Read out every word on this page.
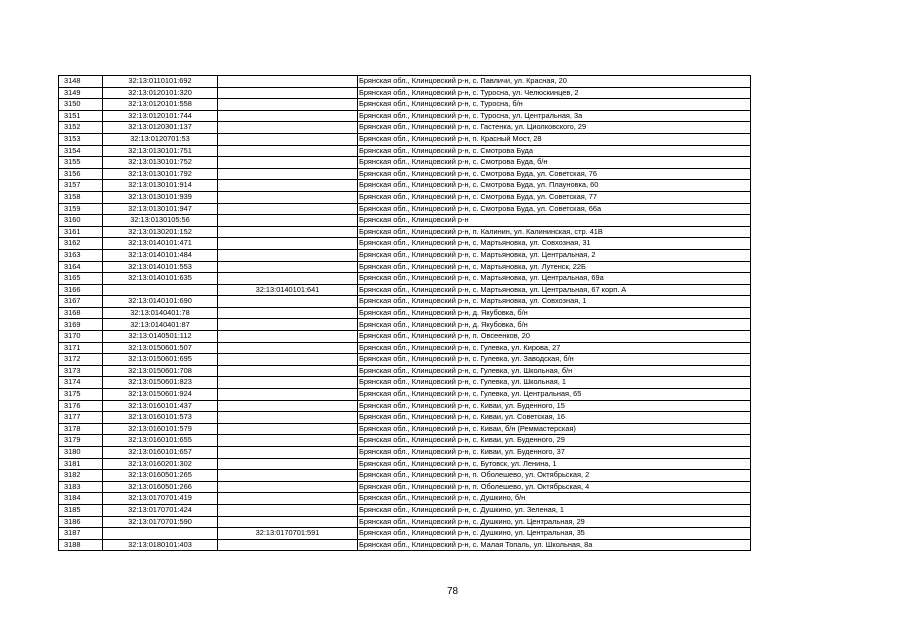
3148	32:13:0110101:692		Брянская обл., Клинцовский р-н, с. Павличи, ул. Красная, 20
3149	32:13:0120101:320		Брянская обл., Клинцовский р-н, с. Туросна, ул. Челюскинцев, 2
3150	32:13:0120101:558		Брянская обл., Клинцовский р-н, с. Туросна, б/н
3151	32:13:0120101:744		Брянская обл., Клинцовский р-н, с. Туросна, ул. Центральная, 3а
3152	32:13:0120301:137		Брянская обл., Клинцовский р-н, с. Гастенка, ул. Циолковского, 29
3153	32:13:0120701:53		Брянская обл., Клинцовский р-н, п. Красный Мост, 28
3154	32:13:0130101:751		Брянская обл., Клинцовский р-н, с. Смотрова Буда
3155	32:13:0130101:752		Брянская обл., Клинцовский р-н, с. Смотрова Буда, б/н
3156	32:13:0130101:792		Брянская обл., Клинцовский р-н, с. Смотрова Буда, ул. Советская, 76
3157	32:13:0130101:914		Брянская обл., Клинцовский р-н, с. Смотрова Буда, ул. Плауновка, 60
3158	32:13:0130101:939		Брянская обл., Клинцовский р-н, с. Смотрова Буда, ул. Советская, 77
3159	32:13:0130101:947		Брянская обл., Клинцовский р-н, с. Смотрова Буда, ул. Советская, 66а
3160	32:13:0130105:56		Брянская обл., Клинцовский р-н
3161	32:13:0130201:152		Брянская обл., Клинцовский р-н, п. Калинин, ул. Калининская, стр. 41В
3162	32:13:0140101:471		Брянская обл., Клинцовский р-н, с. Мартьяновка, ул. Совхозная, 31
3163	32:13:0140101:484		Брянская обл., Клинцовский р-н, с. Мартьяновка, ул. Центральная, 2
3164	32:13:0140101:553		Брянская обл., Клинцовский р-н, с. Мартьяновка, ул. Лутенск, 22Б
3165	32:13:0140101:635		Брянская обл., Клинцовский р-н, с. Мартьяновка, ул. Центральная, 69а
3166		32:13:0140101:641	Брянская обл., Клинцовский р-н, с. Мартьяновка, ул. Центральная, 67 корп. А
3167	32:13:0140101:690		Брянская обл., Клинцовский р-н, с. Мартьяновка, ул. Совхозная, 1
3168	32:13:0140401:78		Брянская обл., Клинцовский р-н, д. Якубовка, б/н
3169	32:13:0140401:87		Брянская обл., Клинцовский р-н, д. Якубовка, б/н
3170	32:13:0140501:112		Брянская обл., Клинцовский р-н, п. Овсеенков, 20
3171	32:13:0150601:507		Брянская обл., Клинцовский р-н, с. Гулевка, ул. Кирова, 27
3172	32:13:0150601:695		Брянская обл., Клинцовский р-н, с. Гулевка, ул. Заводская, б/н
3173	32:13:0150601:708		Брянская обл., Клинцовский р-н, с. Гулевка, ул. Школьная, б/н
3174	32:13:0150601:823		Брянская обл., Клинцовский р-н, с. Гулевка, ул. Школьная, 1
3175	32:13:0150601:924		Брянская обл., Клинцовский р-н, с. Гулевка, ул. Центральная, 65
3176	32:13:0160101:437		Брянская обл., Клинцовский р-н, с. Киваи, ул. Буденного, 15
3177	32:13:0160101:573		Брянская обл., Клинцовский р-н, с. Киваи, ул. Советская, 16
3178	32:13:0160101:579		Брянская обл., Клинцовский р-н, с. Киваи, б/н (Реммастерская)
3179	32:13:0160101:655		Брянская обл., Клинцовский р-н, с. Киваи, ул. Буденного, 29
3180	32:13:0160101:657		Брянская обл., Клинцовский р-н, с. Киваи, ул. Буденного, 37
3181	32:13:0160201:302		Брянская обл., Клинцовский р-н, с. Бутовск, ул. Ленина, 1
3182	32:13:0160501:265		Брянская обл., Клинцовский р-н, п. Оболешево, ул. Октябрьская, 2
3183	32:13:0160501:266		Брянская обл., Клинцовский р-н, п. Оболешево, ул. Октябрьская, 4
3184	32:13:0170701:419		Брянская обл., Клинцовский р-н, с. Душкино, б/н
3185	32:13:0170701:424		Брянская обл., Клинцовский р-н, с. Душкино, ул. Зеленая, 1
3186	32:13:0170701:590		Брянская обл., Клинцовский р-н, с. Душкино, ул. Центральная, 29
3187		32:13:0170701:591	Брянская обл., Клинцовский р-н, с. Душкино, ул. Центральная, 35
3188	32:13:0180101:403		Брянская обл., Клинцовский р-н, с. Малая Топаль, ул. Школьная, 8а
78
